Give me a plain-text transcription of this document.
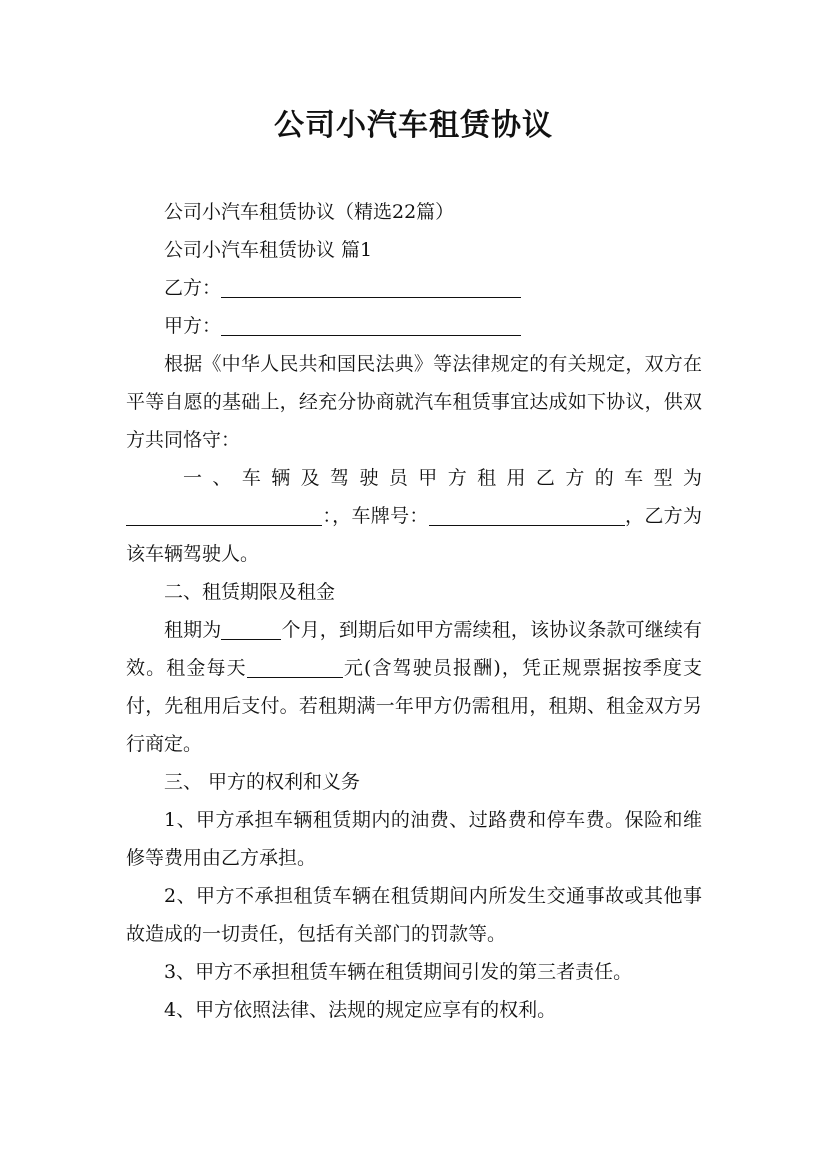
公司小汽车租赁协议

公司小汽车租赁协议（精选22篇）

公司小汽车租赁协议 篇1

乙方：

甲方：

根据《中华人民共和国民法典》等法律规定的有关规定，双方在平等自愿的基础上，经充分协商就汽车租赁事宜达成如下协议，供双方共同恪守：

一、车辆及驾驶员甲方租用乙方的车型为：，车牌号：	，乙方为该车辆驾驶人。

二、租赁期限及租金

租期为	个月，到期后如甲方需续租，该协议条款可继续有效。租金每天	元(含驾驶员报酬)，凭正规票据按季度支付，先租用后支付。若租期满一年甲方仍需租用，租期、租金双方另行商定。

三、 甲方的权利和义务

1、甲方承担车辆租赁期内的油费、过路费和停车费。保险和维修等费用由乙方承担。

2、甲方不承担租赁车辆在租赁期间内所发生交通事故或其他事故造成的一切责任，包括有关部门的罚款等。

3、甲方不承担租赁车辆在租赁期间引发的第三者责任。

4、甲方依照法律、法规的规定应享有的权利。
